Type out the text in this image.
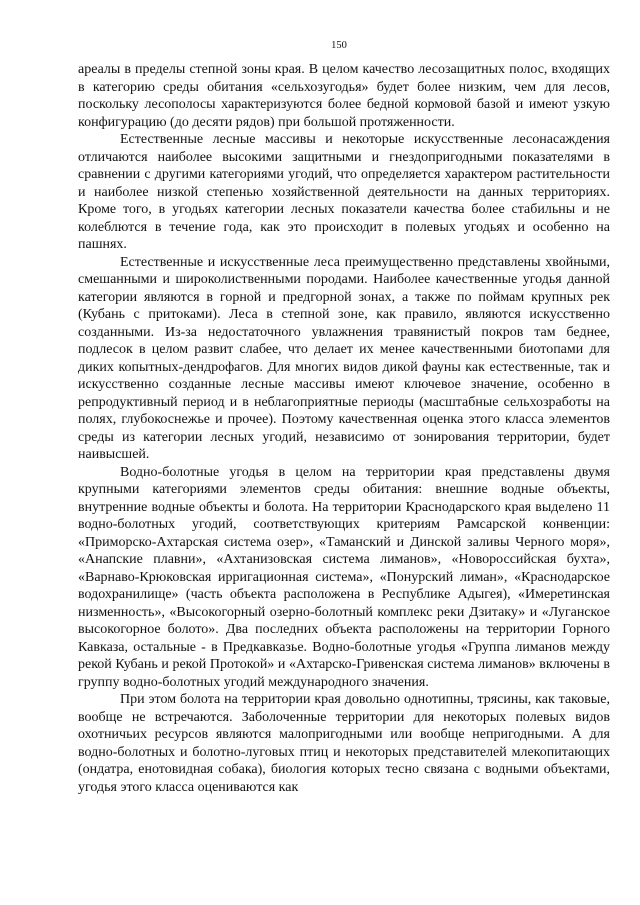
150

ареалы в пределы степной зоны края. В целом качество лесозащитных полос, входящих в категорию среды обитания «сельхозугодья» будет более низким, чем для лесов, поскольку лесополосы характеризуются более бедной кормовой базой и имеют узкую конфигурацию (до десяти рядов) при большой протяженности.

Естественные лесные массивы и некоторые искусственные лесонасаждения отличаются наиболее высокими защитными и гнездопригодными показателями в сравнении с другими категориями угодий, что определяется характером растительности и наиболее низкой степенью хозяйственной деятельности на данных территориях. Кроме того, в угодьях категории лесных показатели качества более стабильны и не колеблются в течение года, как это происходит в полевых угодьях и особенно на пашнях.

Естественные и искусственные леса преимущественно представлены хвойными, смешанными и широколиственными породами. Наиболее качественные угодья данной категории являются в горной и предгорной зонах, а также по поймам крупных рек (Кубань с притоками). Леса в степной зоне, как правило, являются искусственно созданными. Из-за недостаточного увлажнения травянистый покров там беднее, подлесок в целом развит слабее, что делает их менее качественными биотопами для диких копытных-дендрофагов. Для многих видов дикой фауны как естественные, так и искусственно созданные лесные массивы имеют ключевое значение, особенно в репродуктивный период и в неблагоприятные периоды (масштабные сельхозработы на полях, глубокоснежье и прочее). Поэтому качественная оценка этого класса элементов среды из категории лесных угодий, независимо от зонирования территории, будет наивысшей.

Водно-болотные угодья в целом на территории края представлены двумя крупными категориями элементов среды обитания: внешние водные объекты, внутренние водные объекты и болота. На территории Краснодарского края выделено 11 водно-болотных угодий, соответствующих критериям Рамсарской конвенции: «Приморско-Ахтарская система озер», «Таманский и Динской заливы Черного моря», «Анапские плавни», «Ахтанизовская система лиманов», «Новороссийская бухта», «Варнаво-Крюковская ирригационная система», «Понурский лиман», «Краснодарское водохранилище» (часть объекта расположена в Республике Адыгея), «Имеретинская низменность», «Высокогорный озерно-болотный комплекс реки Дзитаку» и «Луганское высокогорное болото». Два последних объекта расположены на территории Горного Кавказа, остальные - в Предкавказье. Водно-болотные угодья «Группа лиманов между рекой Кубань и рекой Протокой» и «Ахтарско-Гривенская система лиманов» включены в группу водно-болотных угодий международного значения.

При этом болота на территории края довольно однотипны, трясины, как таковые, вообще не встречаются. Заболоченные территории для некоторых полевых видов охотничьих ресурсов являются малопригодными или вообще непригодными. А для водно-болотных и болотно-луговых птиц и некоторых представителей млекопитающих (ондатра, енотовидная собака), биология которых тесно связана с водными объектами, угодья этого класса оцениваются как
